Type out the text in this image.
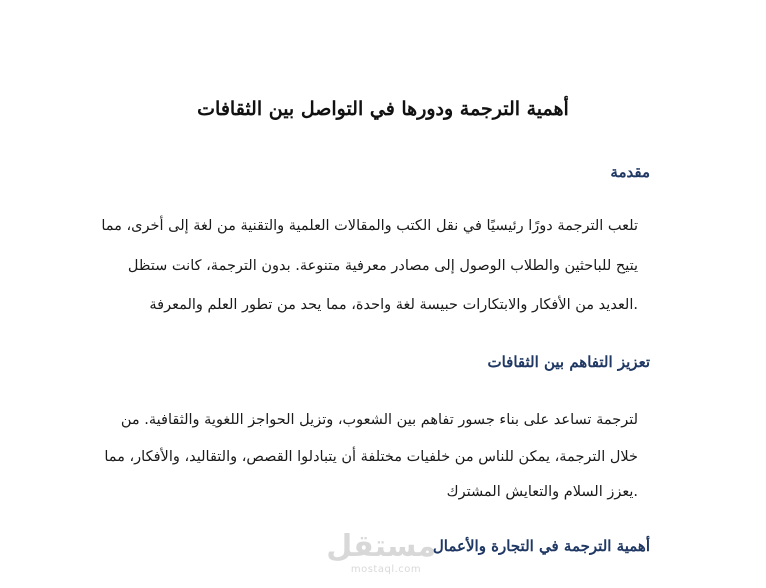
أهمية الترجمة ودورها في التواصل بين الثقافات
مقدمة
تلعب الترجمة دورًا رئيسيًا في نقل الكتب والمقالات العلمية والتقنية من لغة إلى أخرى، مما
يتيح للباحثين والطلاب الوصول إلى مصادر معرفية متنوعة. بدون الترجمة، كانت ستظل
.العديد من الأفكار والابتكارات حبيسة لغة واحدة، مما يحد من تطور العلم والمعرفة
تعزيز التفاهم بين الثقافات
لترجمة تساعد على بناء جسور تفاهم بين الشعوب، وتزيل الحواجز اللغوية والثقافية. من
خلال الترجمة، يمكن للناس من خلفيات مختلفة أن يتبادلوا القصص، والتقاليد، والأفكار، مما
.يعزز السلام والتعايش المشترك
أهمية الترجمة في التجارة والأعمال
مستقل
mostaql.com
